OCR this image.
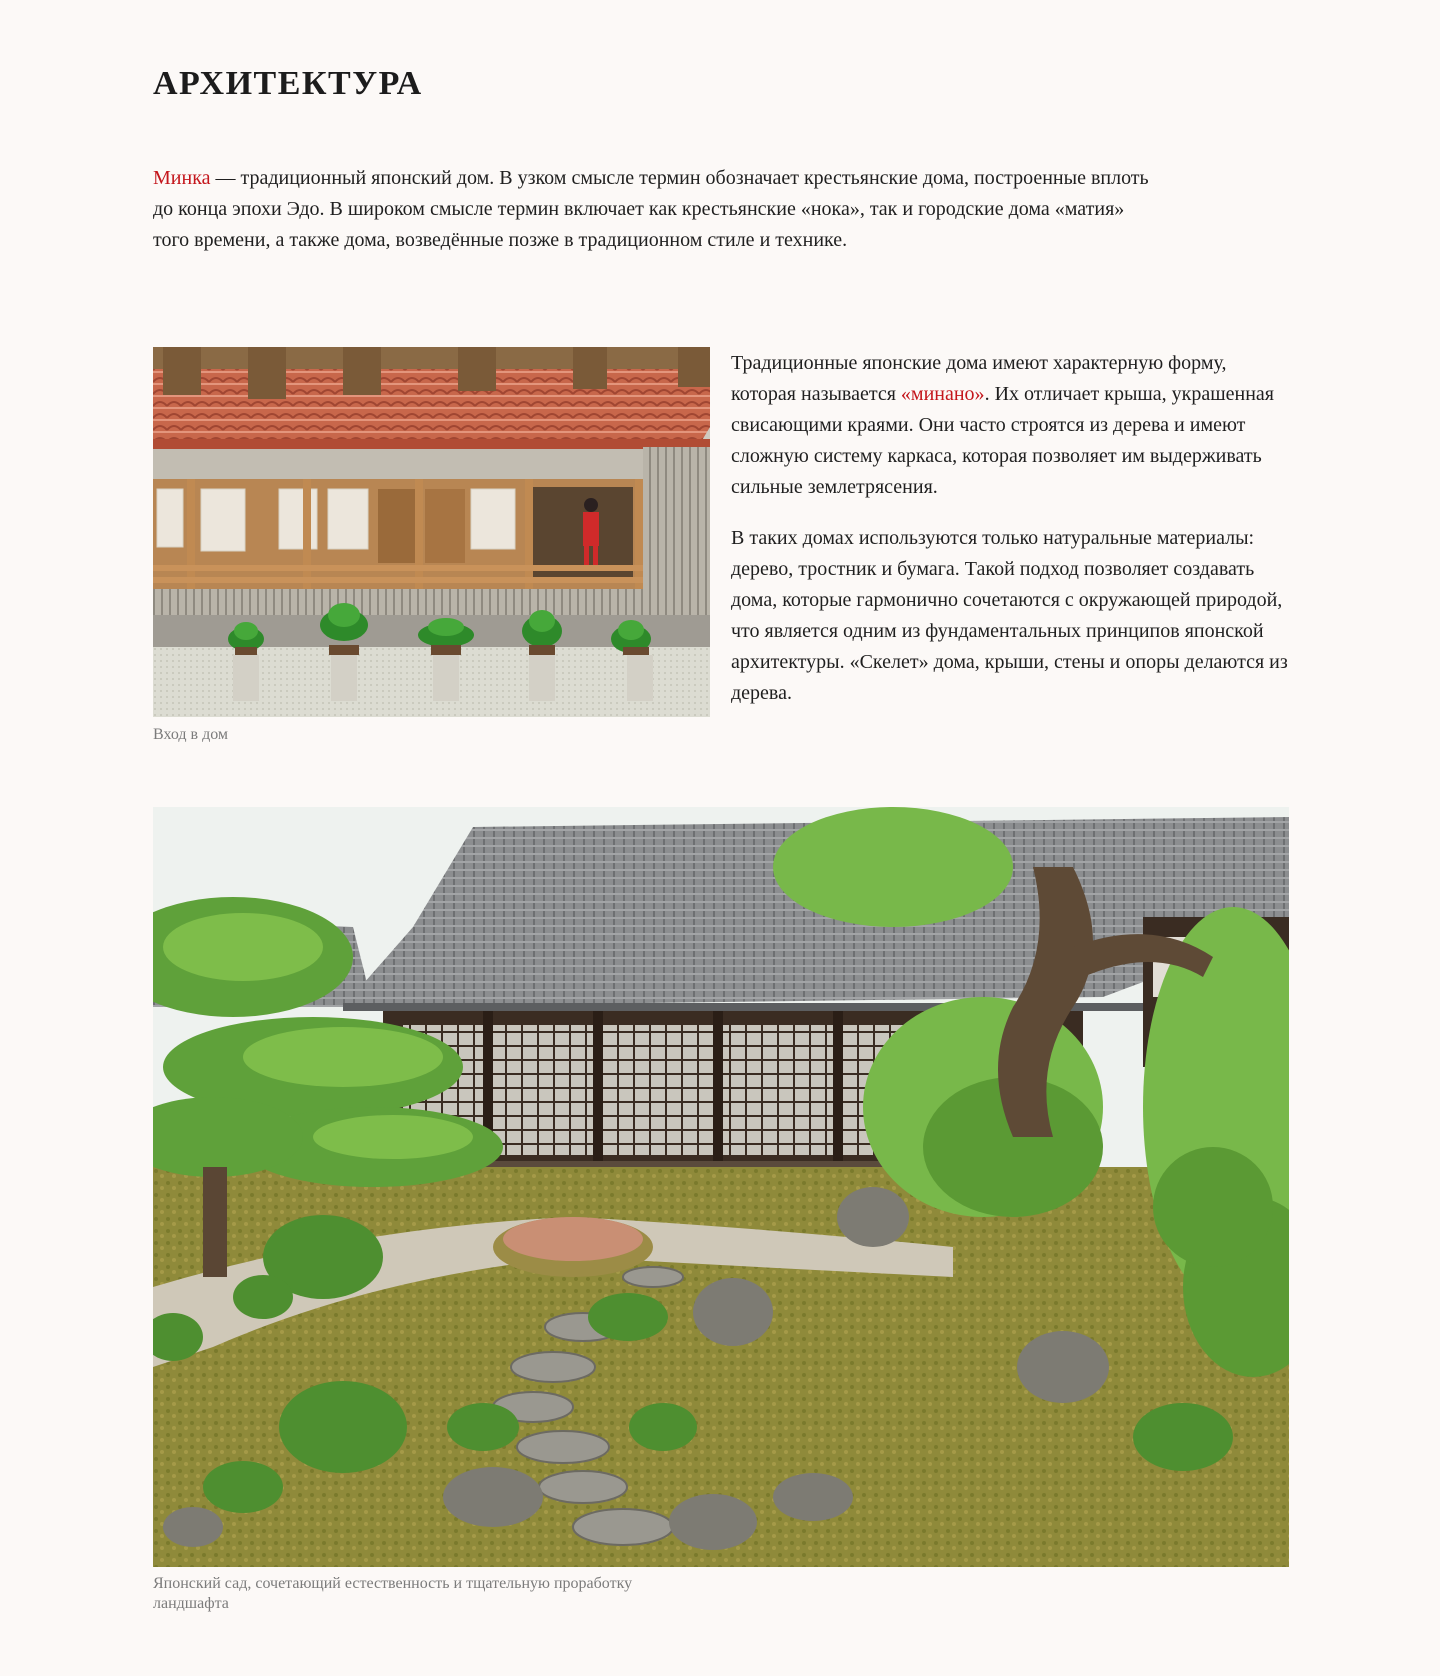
АРХИТЕКТУРА

Минка — традиционный японский дом. В узком смысле термин обозначает крестьянские дома, построенные вплоть до конца эпохи Эдо. В широком смысле термин включает как крестьянские «нока», так и городские дома «матия» того времени, а также дома, возведённые позже в традиционном стиле и технике.

Вход в дом

Традиционные японские дома имеют характерную форму, которая называется «минано». Их отличает крыша, украшенная свисающими краями. Они часто строятся из дерева и имеют сложную систему каркаса, которая позволяет им выдерживать сильные землетрясения.

В таких домах используются только натуральные материалы: дерево, тростник и бумага. Такой подход позволяет создавать дома, которые гармонично сочетаются с окружающей природой, что является одним из фундаментальных принципов японской архитектуры. «Скелет» дома, крыши, стены и опоры делаются из дерева.

Японский сад, сочетающий естественность и тщательную проработку ландшафта
